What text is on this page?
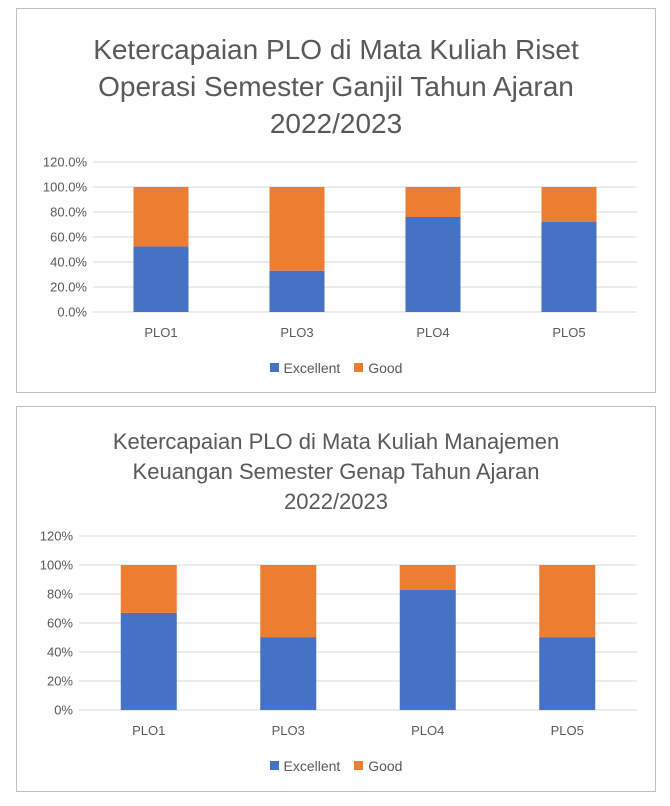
Ketercapaian PLO di Mata Kuliah Riset
Operasi Semester Ganjil Tahun Ajaran
2022/2023
0.0%
20.0%
40.0%
60.0%
80.0%
100.0%
120.0%
PLO1	PLO3	PLO4	PLO5
Excellent
Good
Ketercapaian PLO di Mata Kuliah Manajemen
Keuangan Semester Genap Tahun Ajaran
2022/2023
0%
20%
40%
60%
80%
100%
120%
PLO1	PLO3	PLO4	PLO5
Excellent
Good
